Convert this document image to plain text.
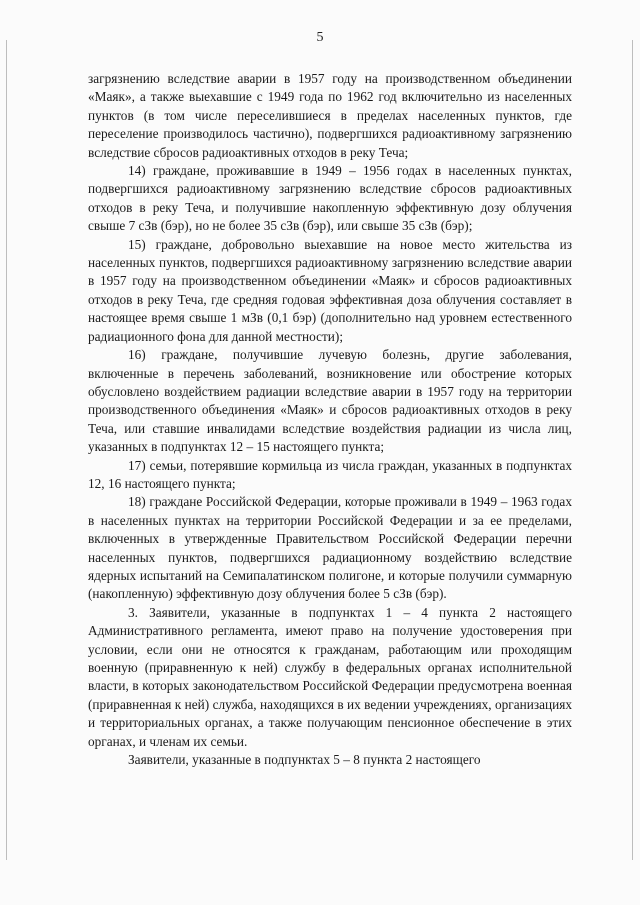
5

загрязнению вследствие аварии в 1957 году на производственном объединении «Маяк», а также выехавшие с 1949 года по 1962 год включительно из населенных пунктов (в том числе переселившиеся в пределах населенных пунктов, где переселение производилось частично), подвергшихся радиоактивному загрязнению вследствие сбросов радиоактивных отходов в реку Теча;

14) граждане, проживавшие в 1949 – 1956 годах в населенных пунктах, подвергшихся радиоактивному загрязнению вследствие сбросов радиоактивных отходов в реку Теча, и получившие накопленную эффективную дозу облучения свыше 7 сЗв (бэр), но не более 35 сЗв (бэр), или свыше 35 сЗв (бэр);

15) граждане, добровольно выехавшие на новое место жительства из населенных пунктов, подвергшихся радиоактивному загрязнению вследствие аварии в 1957 году на производственном объединении «Маяк» и сбросов радиоактивных отходов в реку Теча, где средняя годовая эффективная доза облучения составляет в настоящее время свыше 1 мЗв (0,1 бэр) (дополнительно над уровнем естественного радиационного фона для данной местности);

16) граждане, получившие лучевую болезнь, другие заболевания, включенные в перечень заболеваний, возникновение или обострение которых обусловлено воздействием радиации вследствие аварии в 1957 году на территории производственного объединения «Маяк» и сбросов радиоактивных отходов в реку Теча, или ставшие инвалидами вследствие воздействия радиации из числа лиц, указанных в подпунктах 12 – 15 настоящего пункта;

17) семьи, потерявшие кормильца из числа граждан, указанных в подпунктах 12, 16 настоящего пункта;

18) граждане Российской Федерации, которые проживали в 1949 – 1963 годах в населенных пунктах на территории Российской Федерации и за ее пределами, включенных в утвержденные Правительством Российской Федерации перечни населенных пунктов, подвергшихся радиационному воздействию вследствие ядерных испытаний на Семипалатинском полигоне, и которые получили суммарную (накопленную) эффективную дозу облучения более 5 сЗв (бэр).

3. Заявители, указанные в подпунктах 1 – 4 пункта 2 настоящего Административного регламента, имеют право на получение удостоверения при условии, если они не относятся к гражданам, работающим или проходящим военную (приравненную к ней) службу в федеральных органах исполнительной власти, в которых законодательством Российской Федерации предусмотрена военная (приравненная к ней) служба, находящихся в их ведении учреждениях, организациях и территориальных органах, а также получающим пенсионное обеспечение в этих органах, и членам их семьи.

Заявители, указанные в подпунктах 5 – 8 пункта 2 настоящего
